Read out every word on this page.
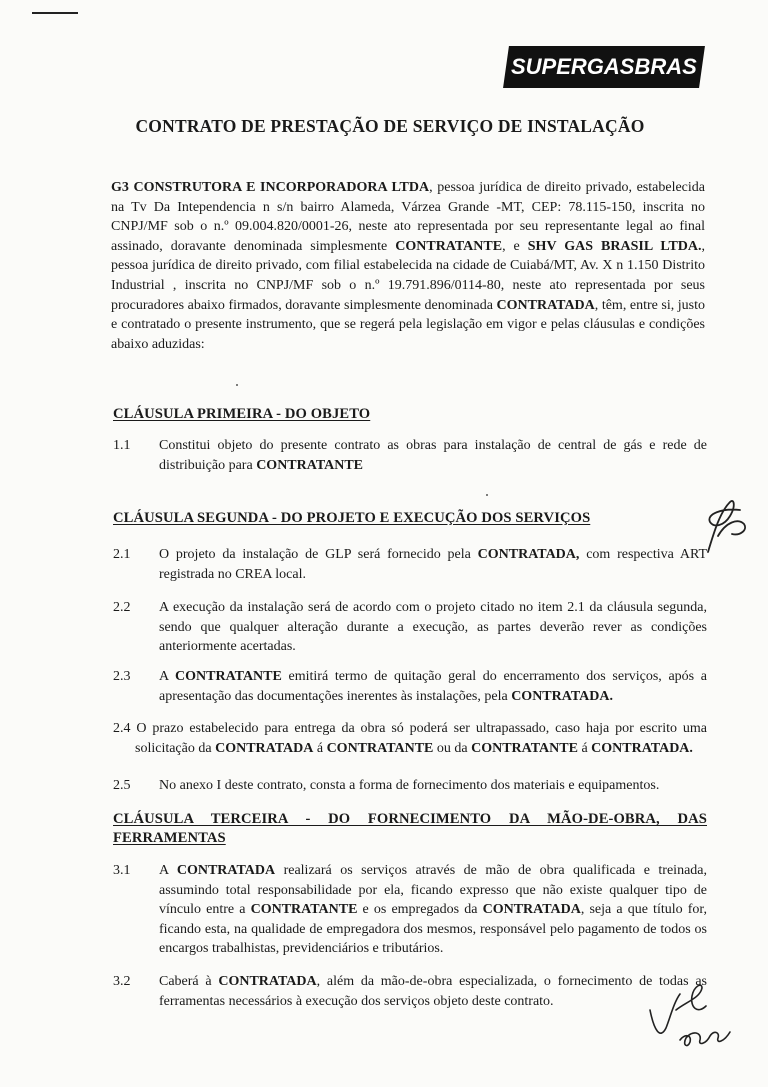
SUPERGASBRAS
CONTRATO DE PRESTAÇÃO DE SERVIÇO DE INSTALAÇÃO
G3 CONSTRUTORA E INCORPORADORA LTDA, pessoa jurídica de direito privado, estabelecida na Tv Da Intependencia n s/n bairro Alameda, Várzea Grande -MT, CEP: 78.115-150, inscrita no CNPJ/MF sob o n.º 09.004.820/0001-26, neste ato representada por seu representante legal ao final assinado, doravante denominada simplesmente CONTRATANTE, e SHV GAS BRASIL LTDA., pessoa jurídica de direito privado, com filial estabelecida na cidade de Cuiabá/MT, Av. X n 1.150 Distrito Industrial , inscrita no CNPJ/MF sob o n.º 19.791.896/0114-80, neste ato representada por seus procuradores abaixo firmados, doravante simplesmente denominada CONTRATADA, têm, entre si, justo e contratado o presente instrumento, que se regerá pela legislação em vigor e pelas cláusulas e condições abaixo aduzidas:
CLÁUSULA PRIMEIRA - DO OBJETO
1.1 Constitui objeto do presente contrato as obras para instalação de central de gás e rede de distribuição para CONTRATANTE
CLÁUSULA SEGUNDA - DO PROJETO E EXECUÇÃO DOS SERVIÇOS
2.1 O projeto da instalação de GLP será fornecido pela CONTRATADA, com respectiva ART registrada no CREA local.
2.2 A execução da instalação será de acordo com o projeto citado no item 2.1 da cláusula segunda, sendo que qualquer alteração durante a execução, as partes deverão rever as condições anteriormente acertadas.
2.3 A CONTRATANTE emitirá termo de quitação geral do encerramento dos serviços, após a apresentação das documentações inerentes às instalações, pela CONTRATADA.
2.4 O prazo estabelecido para entrega da obra só poderá ser ultrapassado, caso haja por escrito uma solicitação da CONTRATADA á CONTRATANTE ou da CONTRATANTE á CONTRATADA.
2.5 No anexo I deste contrato, consta a forma de fornecimento dos materiais e equipamentos.
CLÁUSULA TERCEIRA - DO FORNECIMENTO DA MÃO-DE-OBRA, DAS FERRAMENTAS
3.1 A CONTRATADA realizará os serviços através de mão de obra qualificada e treinada, assumindo total responsabilidade por ela, ficando expresso que não existe qualquer tipo de vínculo entre a CONTRATANTE e os empregados da CONTRATADA, seja a que título for, ficando esta, na qualidade de empregadora dos mesmos, responsável pelo pagamento de todos os encargos trabalhistas, previdenciários e tributários.
3.2 Caberá à CONTRATADA, além da mão-de-obra especializada, o fornecimento de todas as ferramentas necessários à execução dos serviços objeto deste contrato.
